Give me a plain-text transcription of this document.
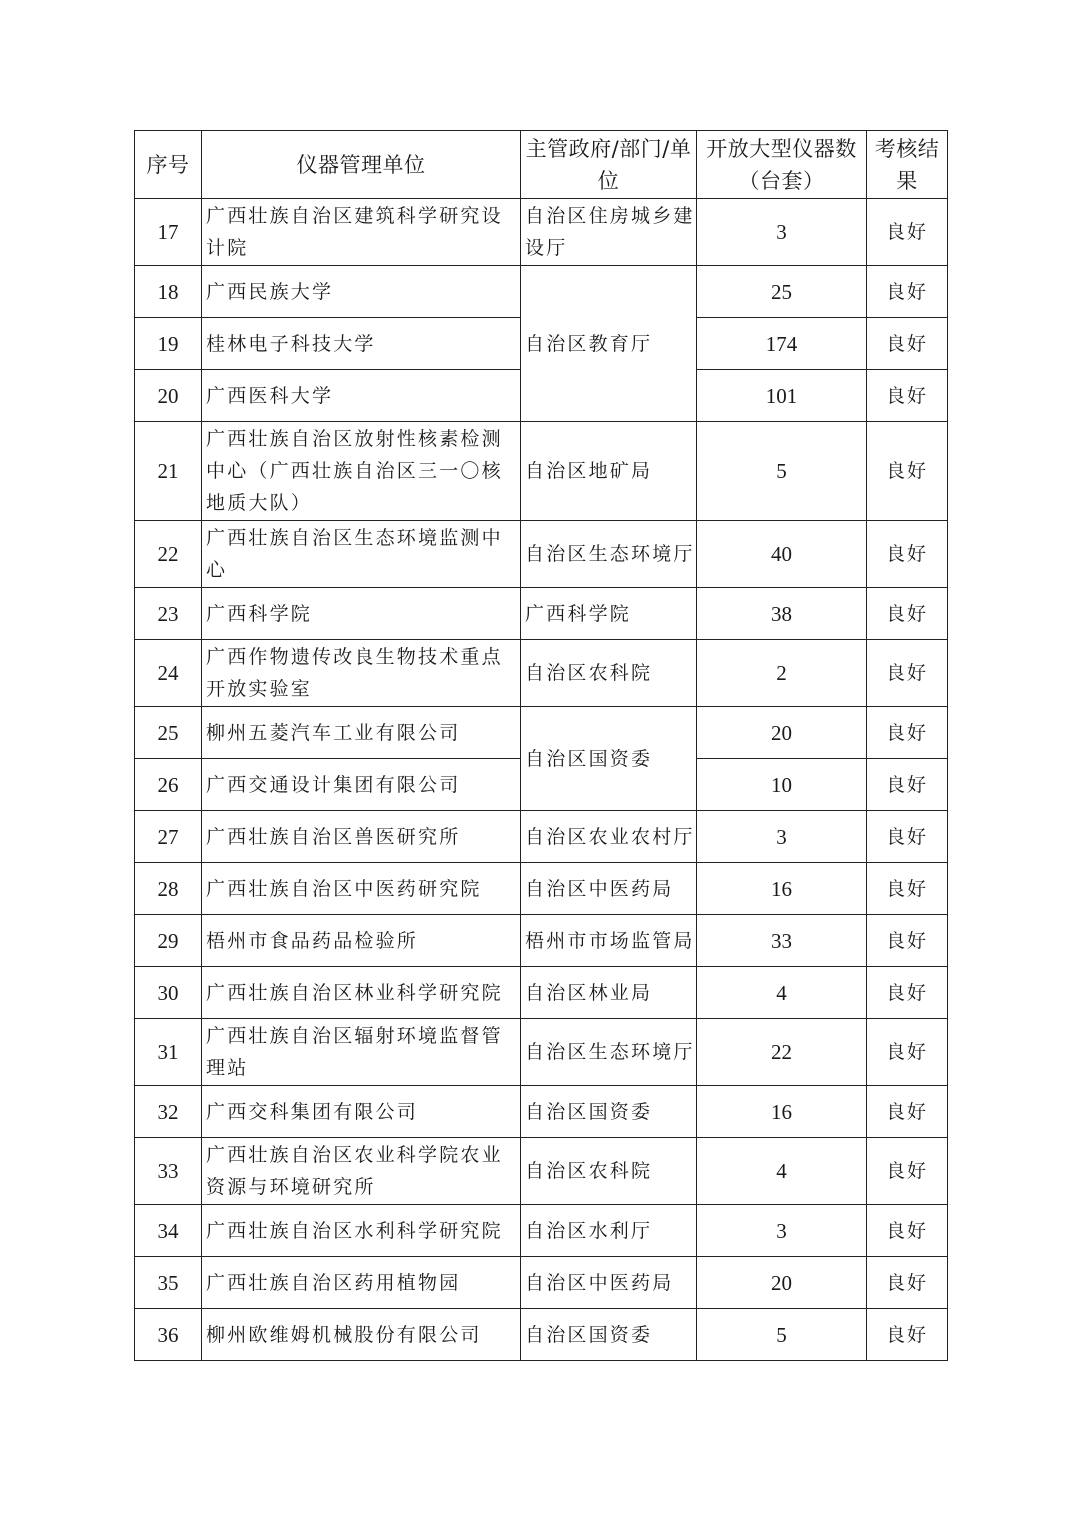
序号	仪器管理单位	主管政府/部门/单位	开放大型仪器数（台套）	考核结果
17	广西壮族自治区建筑科学研究设计院	自治区住房城乡建设厅	3	良好
18	广西民族大学	自治区教育厅	25	良好
19	桂林电子科技大学		174	良好
20	广西医科大学		101	良好
21	广西壮族自治区放射性核素检测中心（广西壮族自治区三一〇核地质大队）	自治区地矿局	5	良好
22	广西壮族自治区生态环境监测中心	自治区生态环境厅	40	良好
23	广西科学院	广西科学院	38	良好
24	广西作物遗传改良生物技术重点开放实验室	自治区农科院	2	良好
25	柳州五菱汽车工业有限公司	自治区国资委	20	良好
26	广西交通设计集团有限公司		10	良好
27	广西壮族自治区兽医研究所	自治区农业农村厅	3	良好
28	广西壮族自治区中医药研究院	自治区中医药局	16	良好
29	梧州市食品药品检验所	梧州市市场监管局	33	良好
30	广西壮族自治区林业科学研究院	自治区林业局	4	良好
31	广西壮族自治区辐射环境监督管理站	自治区生态环境厅	22	良好
32	广西交科集团有限公司	自治区国资委	16	良好
33	广西壮族自治区农业科学院农业资源与环境研究所	自治区农科院	4	良好
34	广西壮族自治区水利科学研究院	自治区水利厅	3	良好
35	广西壮族自治区药用植物园	自治区中医药局	20	良好
36	柳州欧维姆机械股份有限公司	自治区国资委	5	良好
